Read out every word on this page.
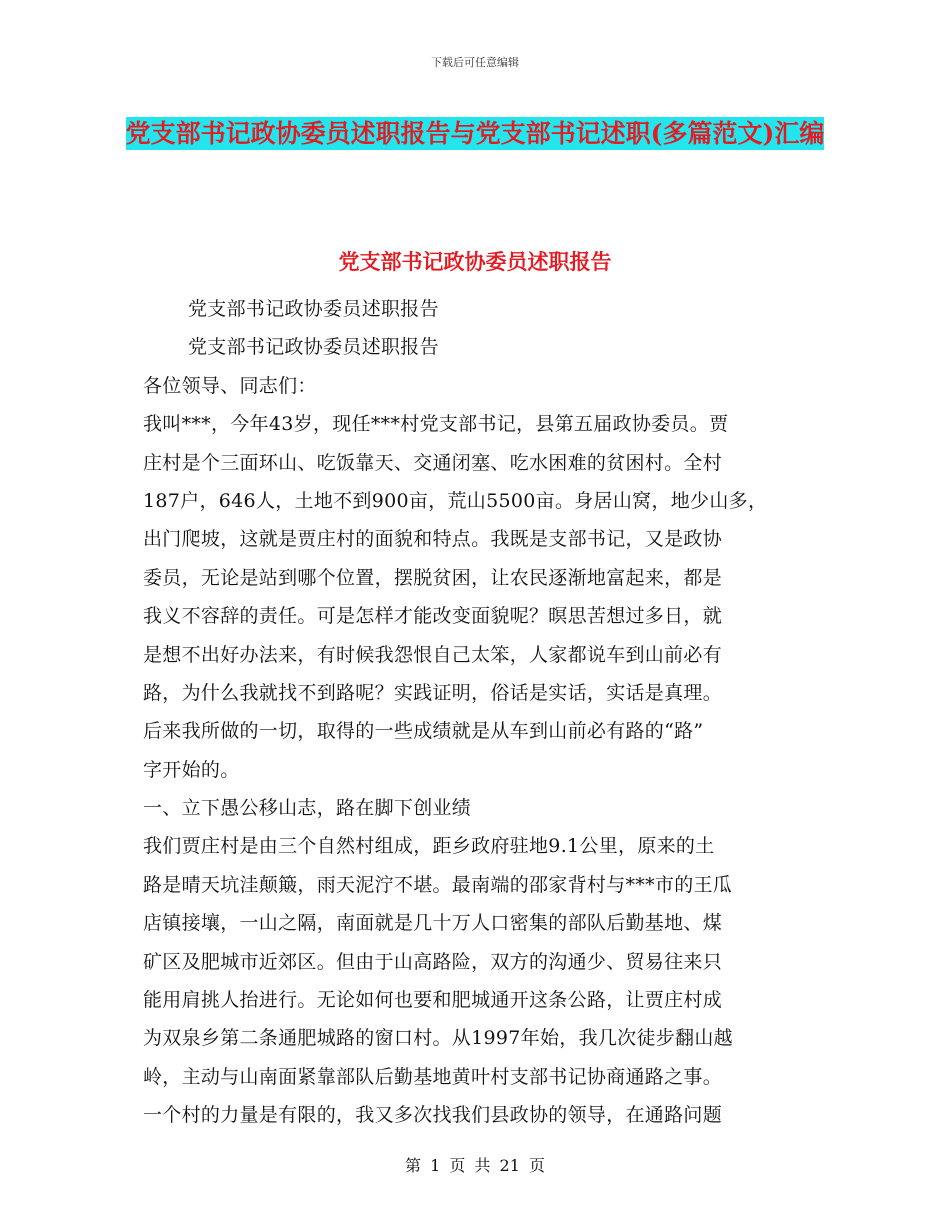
下载后可任意编辑
党支部书记政协委员述职报告与党支部书记述职(多篇范文)汇编
党支部书记政协委员述职报告
党支部书记政协委员述职报告
党支部书记政协委员述职报告
各位领导、同志们：
我叫***，今年43岁，现任***村党支部书记，县第五届政协委员。贾
庄村是个三面环山、吃饭靠天、交通闭塞、吃水困难的贫困村。全村
187户，646人，土地不到900亩，荒山5500亩。身居山窝，地少山多，
出门爬坡，这就是贾庄村的面貌和特点。我既是支部书记，又是政协
委员，无论是站到哪个位置，摆脱贫困，让农民逐渐地富起来，都是
我义不容辞的责任。可是怎样才能改变面貌呢？暝思苦想过多日，就
是想不出好办法来，有时候我怨恨自己太笨，人家都说车到山前必有
路，为什么我就找不到路呢？实践证明，俗话是实话，实话是真理。
后来我所做的一切，取得的一些成绩就是从车到山前必有路的“路”
字开始的。
一、立下愚公移山志，路在脚下创业绩
我们贾庄村是由三个自然村组成，距乡政府驻地9.1公里，原来的土
路是晴天坑洼颠簸，雨天泥泞不堪。最南端的邵家背村与***市的王瓜
店镇接壤，一山之隔，南面就是几十万人口密集的部队后勤基地、煤
矿区及肥城市近郊区。但由于山高路险，双方的沟通少、贸易往来只
能用肩挑人抬进行。无论如何也要和肥城通开这条公路，让贾庄村成
为双泉乡第二条通肥城路的窗口村。从1997年始，我几次徒步翻山越
岭，主动与山南面紧靠部队后勤基地黄叶村支部书记协商通路之事。
一个村的力量是有限的，我又多次找我们县政协的领导，在通路问题
第 1 页 共 21 页
